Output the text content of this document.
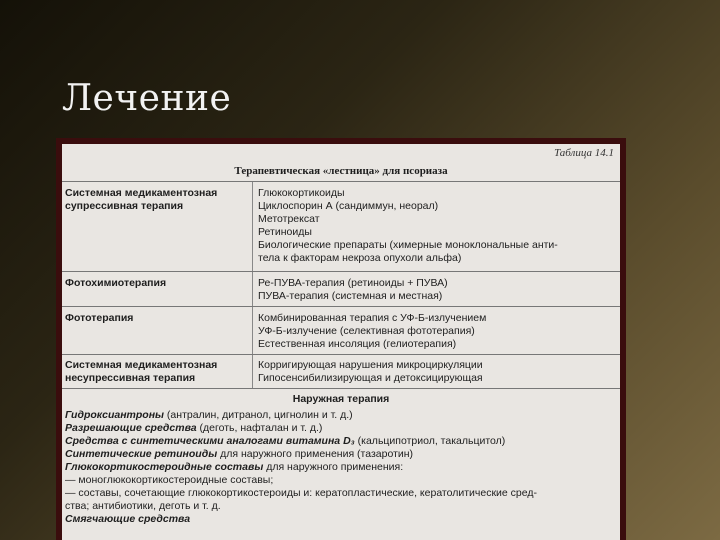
Лечение
Таблица 14.1
Терапевтическая «лестница» для псориаза
Системная медикаментозная
супрессивная терапия
Глюкокортикоиды
Циклоспорин А (сандиммун, неорал)
Метотрексат
Ретиноиды
Биологические препараты (химерные моноклональные анти-
тела к факторам некроза опухоли альфа)
Фотохимиотерапия	Ре-ПУВА-терапия (ретиноиды + ПУВА)
ПУВА-терапия (системная и местная)
Фототерапия	Комбинированная терапия с УФ-Б-излучением
УФ-Б-излучение (селективная фототерапия)
Естественная инсоляция (гелиотерапия)
Системная медикаментозная
несупрессивная терапия
Корригирующая нарушения микроциркуляции
Гипосенсибилизирующая и детоксицирующая
Наружная терапия
Гидроксиантроны (антралин, дитранол, цигнолин и т. д.)
Разрешающие средства (деготь, нафталан и т. д.)
Средства с синтетическими аналогами витамина D₃ (кальципотриол, такальцитол)
Синтетические ретиноиды для наружного применения (тазаротин)
Глюкокортикостероидные составы для наружного применения:
— моноглюкокортикостероидные составы;
— составы, сочетающие глюкокортикостероиды и: кератопластические, кератолитические сред-
ства; антибиотики, деготь и т. д.
Смягчающие средства
